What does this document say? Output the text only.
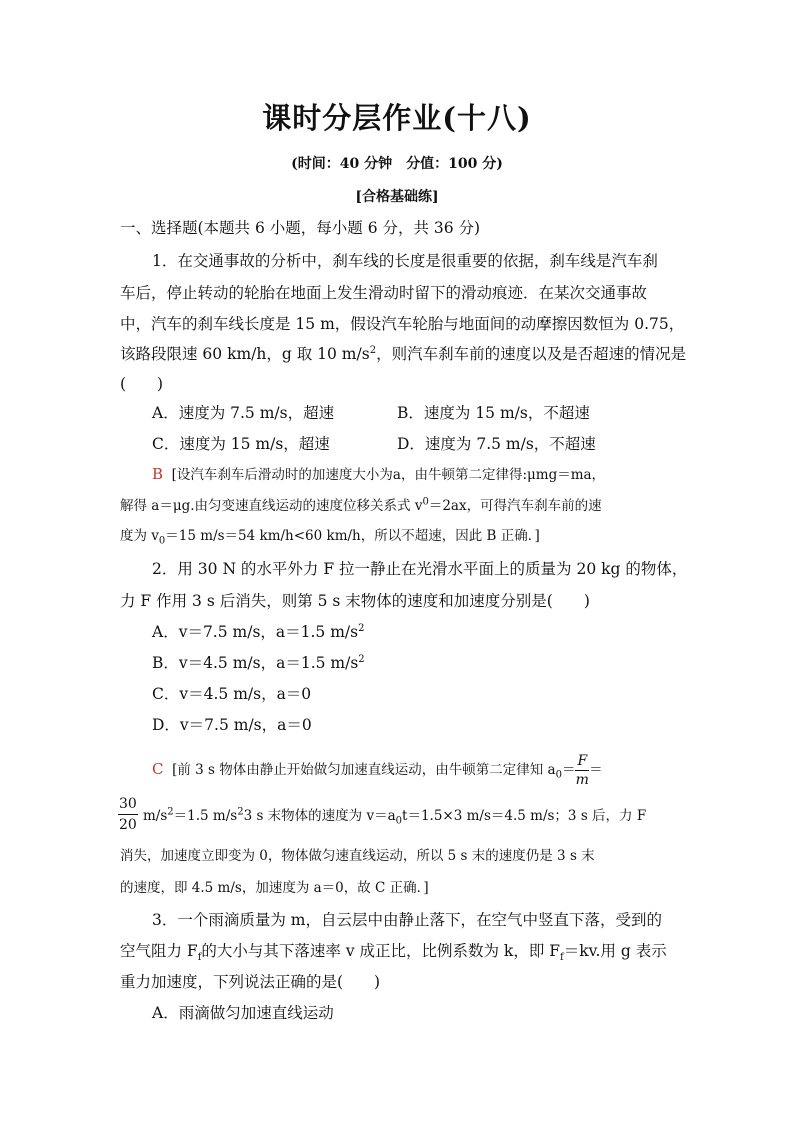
课时分层作业(十八)
(时间：40 分钟　分值：100 分)
[合格基础练]
一、选择题(本题共 6 小题，每小题 6 分，共 36 分)
1．在交通事故的分析中，刹车线的长度是很重要的依据，刹车线是汽车刹
车后，停止转动的轮胎在地面上发生滑动时留下的滑动痕迹．在某次交通事故
中，汽车的刹车线长度是 15 m，假设汽车轮胎与地面间的动摩擦因数恒为 0.75，
该路段限速 60 km/h，g 取 10 $m/s^2$，则汽车刹车前的速度以及是否超速的情况是
(　　)
A．速度为 7.5 m/s，超速	B．速度为 15 m/s，不超速
C．速度为 15 m/s，超速	D．速度为 7.5 m/s，不超速
B [设汽车刹车后滑动时的加速度大小为a，由牛顿第二定律得:μmg＝ma，
解得 a＝μg.由匀变速直线运动的速度位移关系式 $v^0=2ax$，可得汽车刹车前的速
度为 $v_0=15$ m/s＝54 km/h<60 km/h，所以不超速，因此 B 正确．]
2．用 30 N 的水平外力 F 拉一静止在光滑水平面上的质量为 20 kg 的物体，
力 F 作用 3 s 后消失，则第 5 s 末物体的速度和加速度分别是(　　)
A．v＝7.5 m/s，a＝1.5 $m/s^2$
B．v＝4.5 m/s，a＝1.5 $m/s^2$
C．v＝4.5 m/s，a＝0
D．v＝7.5 m/s，a＝0
C [前 3 s 物体由静止开始做匀加速直线运动，由牛顿第二定律知 $a_0= \frac{F}{m}$ ＝
$\frac{30}{20} m/s^2=1.5$ $m/s^23$ s 末物体的速度为 $v=a_0t=1.5\times 3$ m/s＝4.5 m/s；3 s 后，力 F
消失，加速度立即变为 0，物体做匀速直线运动，所以 5 s 末的速度仍是 3 s 末
的速度，即 4.5 m/s，加速度为 a＝0，故 C 正确．]
3．一个雨滴质量为 m，自云层中由静止落下，在空气中竖直下落，受到的
空气阻力 $F_f$的大小与其下落速率 v 成正比，比例系数为 k，即 $F_f=kv$.用 g 表示
重力加速度，下列说法正确的是(　　)
A．雨滴做匀加速直线运动
